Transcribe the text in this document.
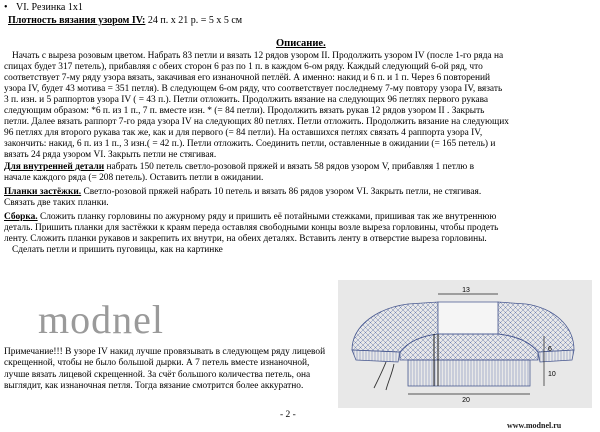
• VI. Резинка 1х1
Плотность вязания узором IV: 24 п. х 21 р. = 5 х 5 см
Описание.
Начать с выреза розовым цветом. Набрать 83 петли и вязать 12 рядов узором II. Продолжить узором IV (после 1-го ряда на
спицах будет 317 петель), прибавляя с обеих сторон 6 раз по 1 п. в каждом 6-ом ряду. Каждый следующий 6-ой ряд, что
соответствует 7-му ряду узора вязать, закачивая его изнаночной петлёй. А именно: накид и 6 п. и 1 п. Через 6 повторений
узора IV, будет 43 мотива = 351 петля). В следующем 6-ом ряду, что соответствует последнему 7-му повтору узора IV, вязать
3 п. изн. и 5 раппортов узора IV ( = 43 п.). Петли отложить. Продолжить вязание на следующих 96 петлях первого рукава
следующим образом: *6 п. из 1 п., 7 п. вместе изн. * (= 84 петли). Продолжить вязать рукав 12 рядов узором II . Закрыть
петли. Далее вязать раппорт 7-го ряда узора IV на следующих 80 петлях. Петли отложить. Продолжить вязание на следующих
96 петлях для второго рукава так же, как и для первого (= 84 петли). На оставшихся петлях связать 4 раппорта узора IV,
закончить: накид, 6 п. из 1 п., 3 изн.( = 42 п.). Петли отложить. Соединить петли, оставленные в ожидании (= 165 петель) и
вязать 24 ряда узором VI. Закрыть петли не стягивая.
Для внутренней детали набрать 150 петель светло-розовой пряжей и вязать 58 рядов узором V, прибавляя 1 петлю в
начале каждого ряда (= 208 петель). Оставить петли в ожидании.
Планки застёжки. Светло-розовой пряжей набрать 10 петель и вязать 86 рядов узором VI. Закрыть петли, не стягивая.
Связать две таких планки.
Сборка. Сложить планку горловины по ажурному ряду и пришить её потайными стежками, пришивая так же внутреннюю
деталь. Пришить планки для застёжки к краям переда оставляя свободными концы возле выреза горловины, чтобы продеть
ленту. Сложить планки рукавов и закрепить их внутри, на обеих деталях. Вставить ленту в отверстие выреза горловины.
Сделать петли и пришить пуговицы, как на картинке
modnel
Примечание!!! В узоре IV накид лучше провязывать в следующем ряду лицевой скрещенной, чтобы не было большой дырки. А 7 петель вместе изнаночной, лучше вязать лицевой скрещенной. За счёт большого количества петель, она выглядит, как изнаночная петля. Тогда вязание смотрится более аккуратно.
13
6
10
20
- 2 -
www.modnel.ru
